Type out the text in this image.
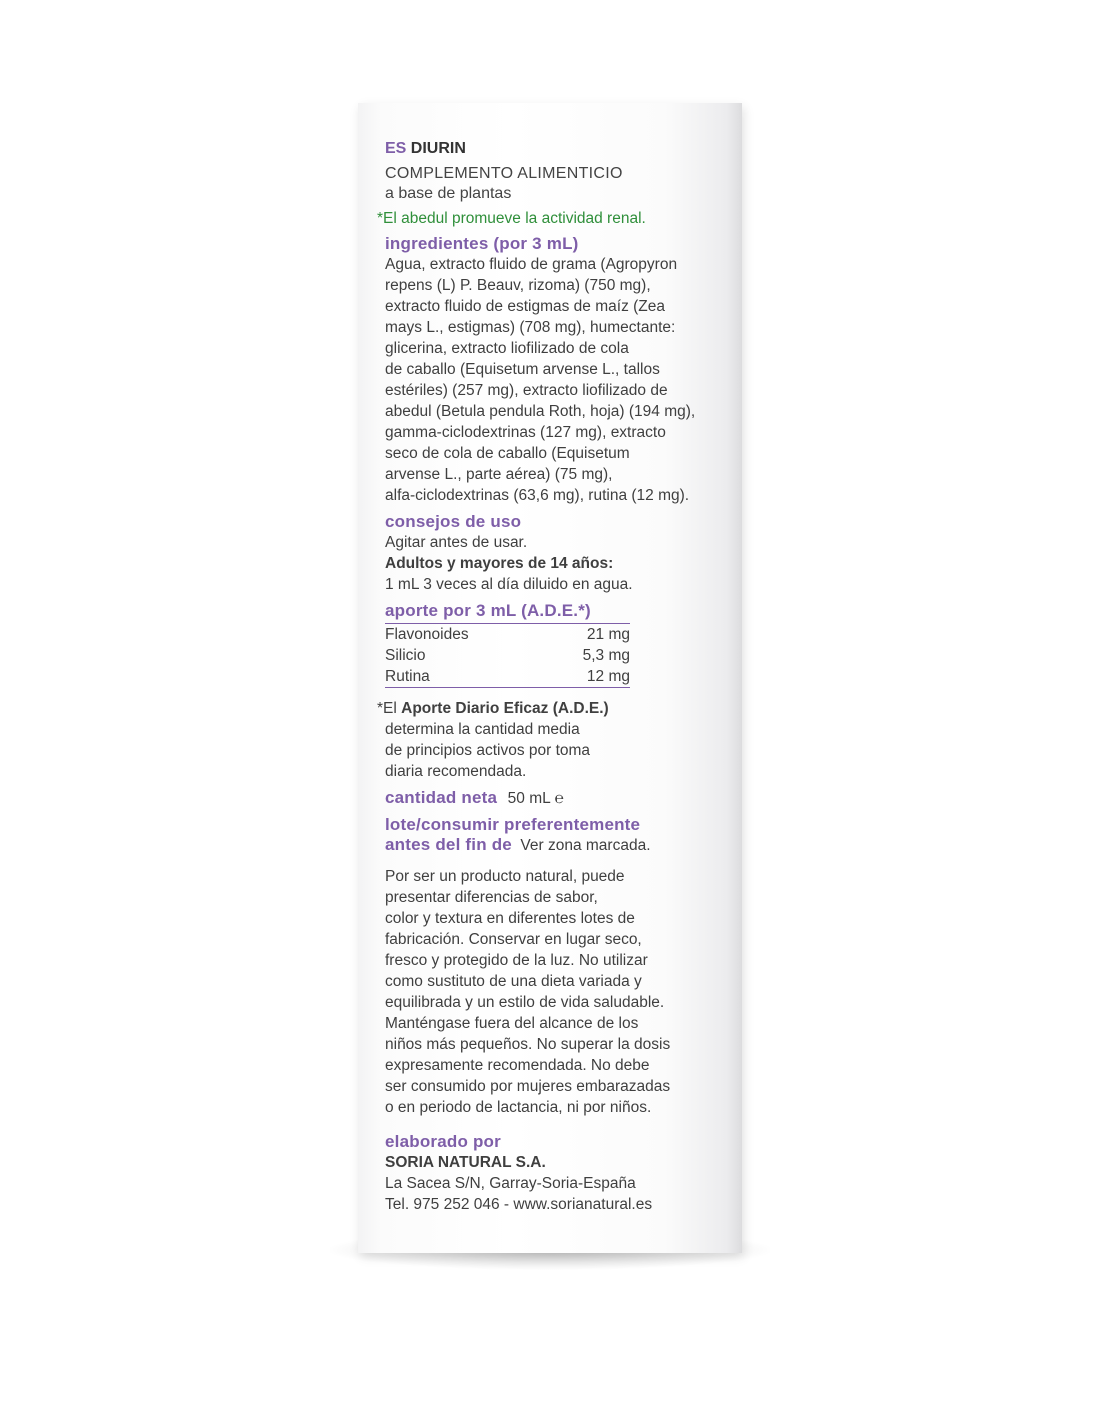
ES DIURIN
COMPLEMENTO ALIMENTICIO
a base de plantas
*El abedul promueve la actividad renal.
ingredientes (por 3 mL)
Agua, extracto fluido de grama (Agropyron
repens (L) P. Beauv, rizoma) (750 mg),
extracto fluido de estigmas de maíz (Zea
mays L., estigmas) (708 mg), humectante:
glicerina, extracto liofilizado de cola
de caballo (Equisetum arvense L., tallos
estériles) (257 mg), extracto liofilizado de
abedul (Betula pendula Roth, hoja) (194 mg),
gamma-ciclodextrinas (127 mg), extracto
seco de cola de caballo (Equisetum
arvense L., parte aérea) (75 mg),
alfa-ciclodextrinas (63,6 mg), rutina (12 mg).
consejos de uso
Agitar antes de usar.
Adultos y mayores de 14 años:
1 mL 3 veces al día diluido en agua.
aporte por 3 mL (A.D.E.*)
Flavonoides	21 mg
Silicio	5,3 mg
Rutina	12 mg
*El Aporte Diario Eficaz (A.D.E.)
determina la cantidad media
de principios activos por toma
diaria recomendada.
cantidad neta 50 mL ℮
lote/consumir preferentemente
antes del fin de Ver zona marcada.
Por ser un producto natural, puede
presentar diferencias de sabor,
color y textura en diferentes lotes de
fabricación. Conservar en lugar seco,
fresco y protegido de la luz. No utilizar
como sustituto de una dieta variada y
equilibrada y un estilo de vida saludable.
Manténgase fuera del alcance de los
niños más pequeños. No superar la dosis
expresamente recomendada. No debe
ser consumido por mujeres embarazadas
o en periodo de lactancia, ni por niños.
elaborado por
SORIA NATURAL S.A.
La Sacea S/N, Garray-Soria-España
Tel. 975 252 046 - www.sorianatural.es
